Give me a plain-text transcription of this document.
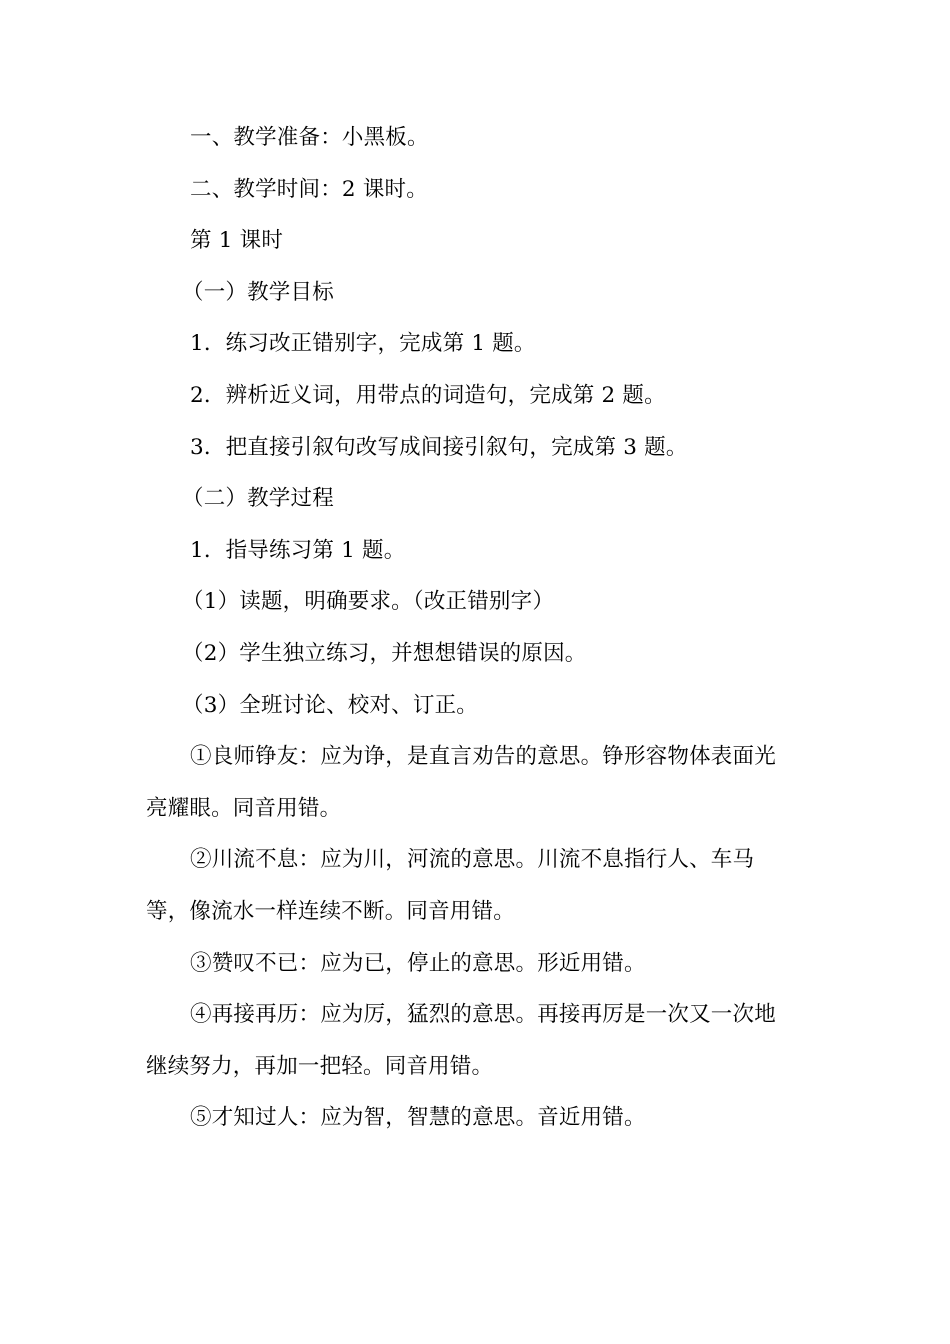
一、教学准备：小黑板。
二、教学时间：2 课时。
第 1 课时
（一）教学目标
1．练习改正错别字，完成第 1 题。
2．辨析近义词，用带点的词造句，完成第 2 题。
3．把直接引叙句改写成间接引叙句，完成第 3 题。
（二）教学过程
1．指导练习第 1 题。
（1）读题，明确要求。（改正错别字）
（2）学生独立练习，并想想错误的原因。
（3）全班讨论、校对、订正。
①良师铮友：应为诤，是直言劝告的意思。铮形容物体表面光
亮耀眼。同音用错。
②川流不息：应为川，河流的意思。川流不息指行人、车马
等，像流水一样连续不断。同音用错。
③赞叹不已：应为已，停止的意思。形近用错。
④再接再历：应为厉，猛烈的意思。再接再厉是一次又一次地
继续努力，再加一把轻。同音用错。
⑤才知过人：应为智，智慧的意思。音近用错。
